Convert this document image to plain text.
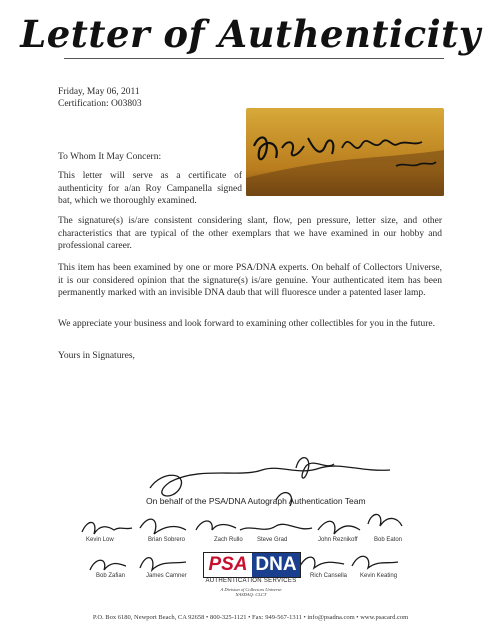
Letter of Authenticity
Friday, May 06, 2011
Certification: O03803
To Whom It May Concern:
This letter will serve as a certificate of authenticity for a/an Roy Campanella signed bat, which we thoroughly examined.
The signature(s) is/are consistent considering slant, flow, pen pressure, letter size, and other characteristics that are typical of the other exemplars that we have examined in our hobby and professional career.
This item has been examined by one or more PSA/DNA experts. On behalf of Collectors Universe, it is our considered opinion that the signature(s) is/are genuine. Your authenticated item has been permanently marked with an invisible DNA daub that will fluoresce under a patented laser lamp.
We appreciate your business and look forward to examining other collectibles for you in the future.
Yours in Signatures,
On behalf of the PSA/DNA Autograph Authentication Team
Kevin Low	Brian Sobrero	Zach Rullo Steve Grad	John Reznikoff	Bob Eaton
Bob Zafian	James Camner	Rich Cansella Kevin Keating
PSA DNA
AUTHENTICATION SERVICES
A Division of Collectors Universe
NASDAQ: CLCT
P.O. Box 6180, Newport Beach, CA 92658 • 800-325-1121 • Fax: 949-567-1311 • info@psadna.com • www.psacard.com
